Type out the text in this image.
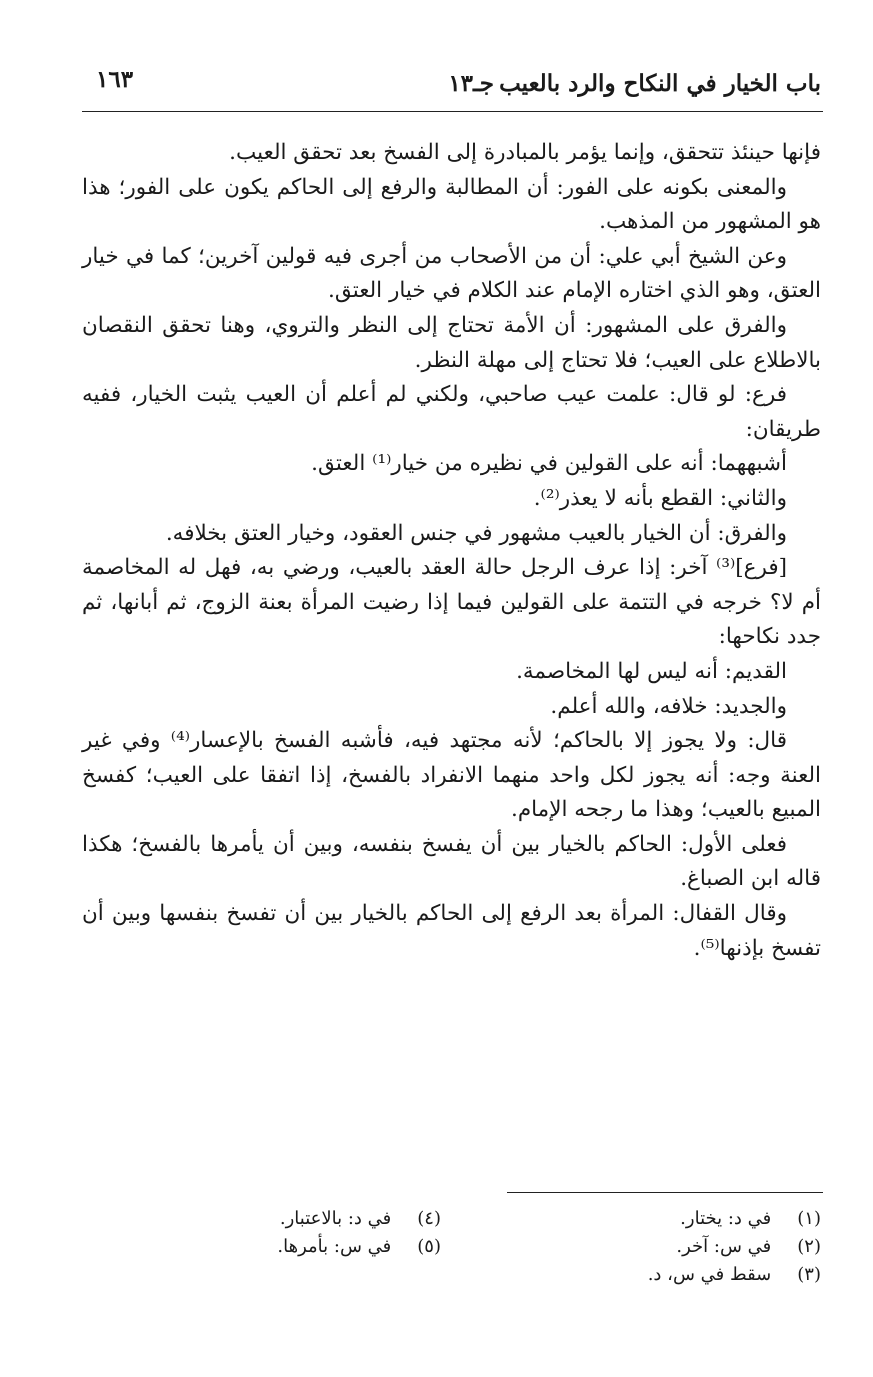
باب الخيار في النكاح والرد بالعيب
جـ١٣
١٦٣

فإنها حينئذ تتحقق، وإنما يؤمر بالمبادرة إلى الفسخ بعد تحقق العيب.

والمعنى بكونه على الفور: أن المطالبة والرفع إلى الحاكم يكون على الفور؛ هذا هو المشهور من المذهب.

وعن الشيخ أبي علي: أن من الأصحاب من أجرى فيه قولين آخرين؛ كما في خيار العتق، وهو الذي اختاره الإمام عند الكلام في خيار العتق.

والفرق على المشهور: أن الأمة تحتاج إلى النظر والتروي، وهنا تحقق النقصان بالاطلاع على العيب؛ فلا تحتاج إلى مهلة النظر.

فرع: لو قال: علمت عيب صاحبي، ولكني لم أعلم أن العيب يثبت الخيار، ففيه طريقان:

أشبههما: أنه على القولين في نظيره من خيار⁽¹⁾ العتق.

والثاني: القطع بأنه لا يعذر⁽²⁾.

والفرق: أن الخيار بالعيب مشهور في جنس العقود، وخيار العتق بخلافه.

[فرع]⁽³⁾ آخر: إذا عرف الرجل حالة العقد بالعيب، ورضي به، فهل له المخاصمة أم لا؟ خرجه في التتمة على القولين فيما إذا رضيت المرأة بعنة الزوج، ثم أبانها، ثم جدد نكاحها:

القديم: أنه ليس لها المخاصمة.

والجديد: خلافه، والله أعلم.

قال: ولا يجوز إلا بالحاكم؛ لأنه مجتهد فيه، فأشبه الفسخ بالإعسار⁽⁴⁾ وفي غير العنة وجه: أنه يجوز لكل واحد منهما الانفراد بالفسخ، إذا اتفقا على العيب؛ كفسخ المبيع بالعيب؛ وهذا ما رجحه الإمام.

فعلى الأول: الحاكم بالخيار بين أن يفسخ بنفسه، وبين أن يأمرها بالفسخ؛ هكذا قاله ابن الصباغ.

وقال القفال: المرأة بعد الرفع إلى الحاكم بالخيار بين أن تفسخ بنفسها وبين أن تفسخ بإذنها⁽⁵⁾.

(١) في د: يختار.
(٢) في س: آخر.
(٣) سقط في س، د.
(٤) في د: بالاعتبار.
(٥) في س: بأمرها.
